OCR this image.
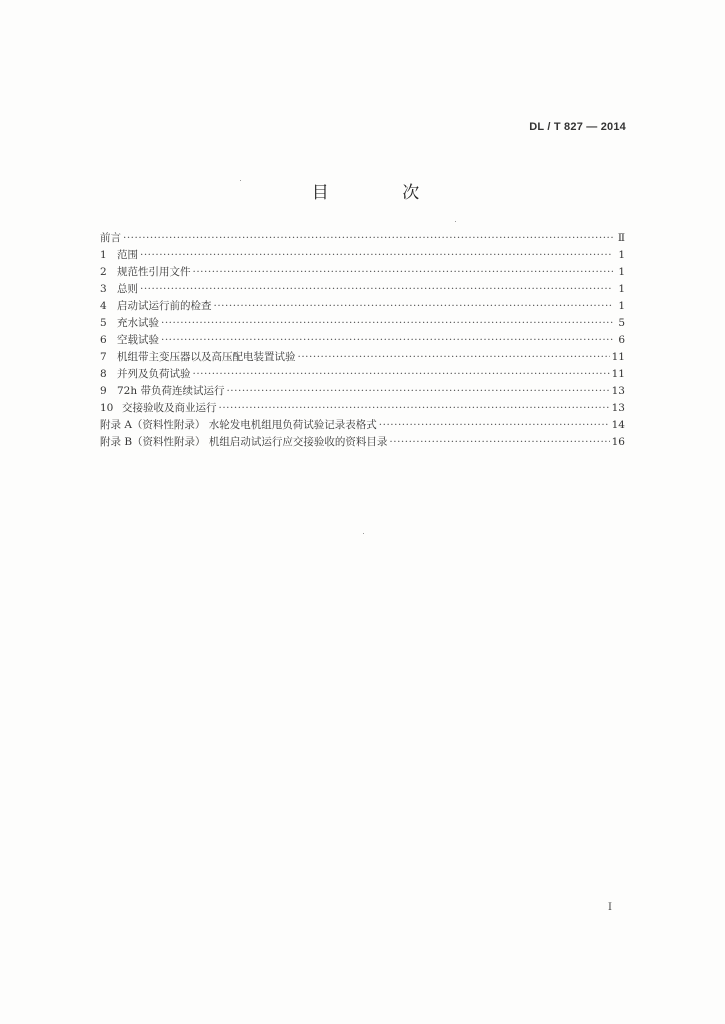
DL / T 827 — 2014
目 次
前言 ·····	Ⅱ
1 范围 ·····	1
2 规范性引用文件 ·····	1
3 总则 ·····	1
4 启动试运行前的检查 ·····	1
5 充水试验 ·····	5
6 空载试验 ·····	6
7 机组带主变压器以及高压配电装置试验 ·····	11
8 并列及负荷试验 ·····	11
9 72h 带负荷连续试运行 ·····	13
10 交接验收及商业运行 ·····	13
附录 A（资料性附录） 水轮发电机组甩负荷试验记录表格式 ·····	14
附录 B（资料性附录） 机组启动试运行应交接验收的资料目录 ·····	16
I
